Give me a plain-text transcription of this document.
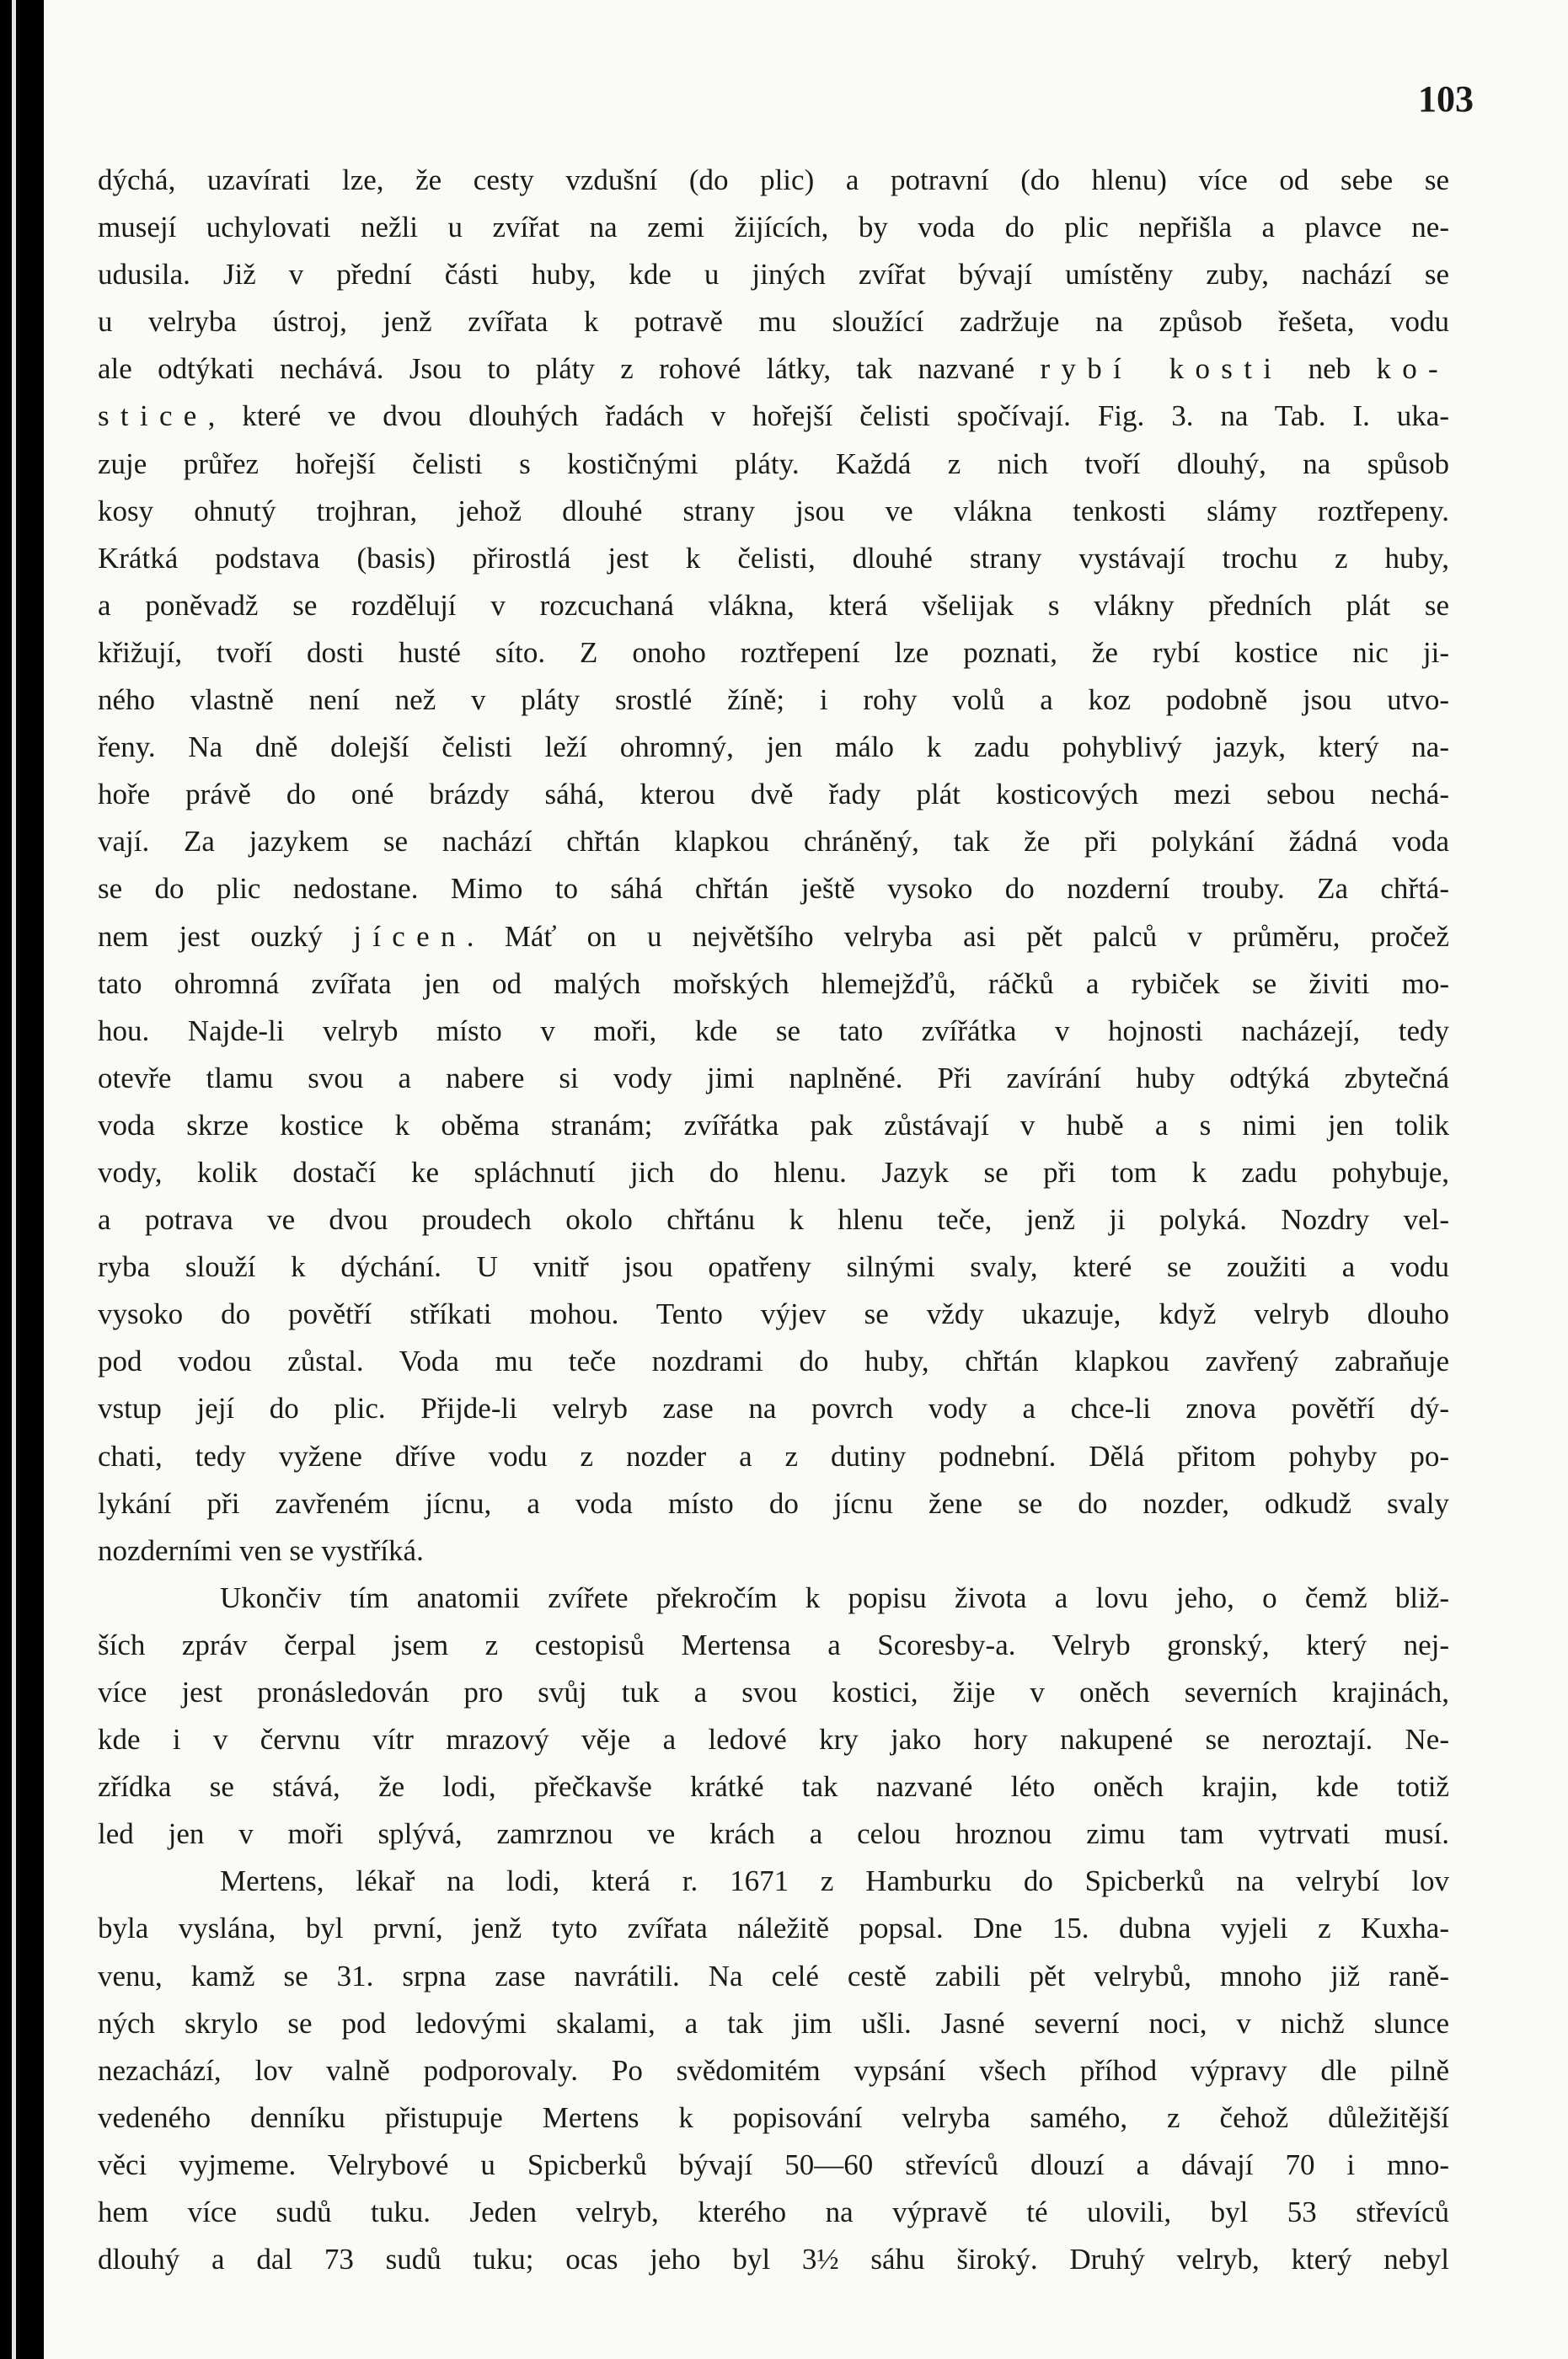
103

dýchá, uzavírati lze, že cesty vzdušní (do plic) a potravní (do hlenu) více od sebe se
musejí uchylovati nežli u zvířat na zemi žijících, by voda do plic nepřišla a plavce ne-
udusila. Již v přední části huby, kde u jiných zvířat bývají umístěny zuby, nachází se
u velryba ústroj, jenž zvířata k potravě mu sloužící zadržuje na způsob řešeta, vodu
ale odtýkati nechává. Jsou to pláty z rohové látky, tak nazvané rybí kosti neb ko-
stice, které ve dvou dlouhých řadách v hořejší čelisti spočívají. Fig. 3. na Tab. I. uka-
zuje průřez hořejší čelisti s kostičnými pláty. Každá z nich tvoří dlouhý, na spůsob
kosy ohnutý trojhran, jehož dlouhé strany jsou ve vlákna tenkosti slámy roztřepeny.
Krátká podstava (basis) přirostlá jest k čelisti, dlouhé strany vystávají trochu z huby,
a poněvadž se rozdělují v rozcuchaná vlákna, která všelijak s vlákny předních plát se
křižují, tvoří dosti husté síto. Z onoho roztřepení lze poznati, že rybí kostice nic ji-
ného vlastně není než v pláty srostlé žíně; i rohy volů a koz podobně jsou utvo-
řeny. Na dně dolejší čelisti leží ohromný, jen málo k zadu pohyblivý jazyk, který na-
hoře právě do oné brázdy sáhá, kterou dvě řady plát kosticových mezi sebou nechá-
vají. Za jazykem se nachází chřtán klapkou chráněný, tak že při polykání žádná voda
se do plic nedostane. Mimo to sáhá chřtán ještě vysoko do nozderní trouby. Za chřtá-
nem jest ouzký jícen. Máť on u největšího velryba asi pět palců v průměru, pročež
tato ohromná zvířata jen od malých mořských hlemejžďů, ráčků a rybiček se živiti mo-
hou. Najde-li velryb místo v moři, kde se tato zvířátka v hojnosti nacházejí, tedy
otevře tlamu svou a nabere si vody jimi naplněné. Při zavírání huby odtýká zbytečná
voda skrze kostice k oběma stranám; zvířátka pak zůstávají v hubě a s nimi jen tolik
vody, kolik dostačí ke spláchnutí jich do hlenu. Jazyk se při tom k zadu pohybuje,
a potrava ve dvou proudech okolo chřtánu k hlenu teče, jenž ji polyká. Nozdry vel-
ryba slouží k dýchání. U vnitř jsou opatřeny silnými svaly, které se zoužiti a vodu
vysoko do povětří stříkati mohou. Tento výjev se vždy ukazuje, když velryb dlouho
pod vodou zůstal. Voda mu teče nozdrami do huby, chřtán klapkou zavřený zabraňuje
vstup její do plic. Přijde-li velryb zase na povrch vody a chce-li znova povětří dý-
chati, tedy vyžene dříve vodu z nozder a z dutiny podnební. Dělá přitom pohyby po-
lykání při zavřeném jícnu, a voda místo do jícnu žene se do nozder, odkudž svaly
nozderními ven se vystříká.
Ukončiv tím anatomii zvířete překročím k popisu života a lovu jeho, o čemž bliž-
ších zpráv čerpal jsem z cestopisů Mertensa a Scoresby-a. Velryb gronský, který nej-
více jest pronásledován pro svůj tuk a svou kostici, žije v oněch severních krajinách,
kde i v červnu vítr mrazový věje a ledové kry jako hory nakupené se neroztají. Ne-
zřídka se stává, že lodi, přečkavše krátké tak nazvané léto oněch krajin, kde totiž
led jen v moři splývá, zamrznou ve krách a celou hroznou zimu tam vytrvati musí.
Mertens, lékař na lodi, která r. 1671 z Hamburku do Spicberků na velrybí lov
byla vyslána, byl první, jenž tyto zvířata náležitě popsal. Dne 15. dubna vyjeli z Kuxha-
venu, kamž se 31. srpna zase navrátili. Na celé cestě zabili pět velrybů, mnoho již raně-
ných skrylo se pod ledovými skalami, a tak jim ušli. Jasné severní noci, v nichž slunce
nezachází, lov valně podporovaly. Po svědomitém vypsání všech příhod výpravy dle pilně
vedeného denníku přistupuje Mertens k popisování velryba samého, z čehož důležitější
věci vyjmeme. Velrybové u Spicberků bývají 50—60 střevíců dlouzí a dávají 70 i mno-
hem více sudů tuku. Jeden velryb, kterého na výpravě té ulovili, byl 53 střevíců
dlouhý a dal 73 sudů tuku; ocas jeho byl 3½ sáhu široký. Druhý velryb, který nebyl
